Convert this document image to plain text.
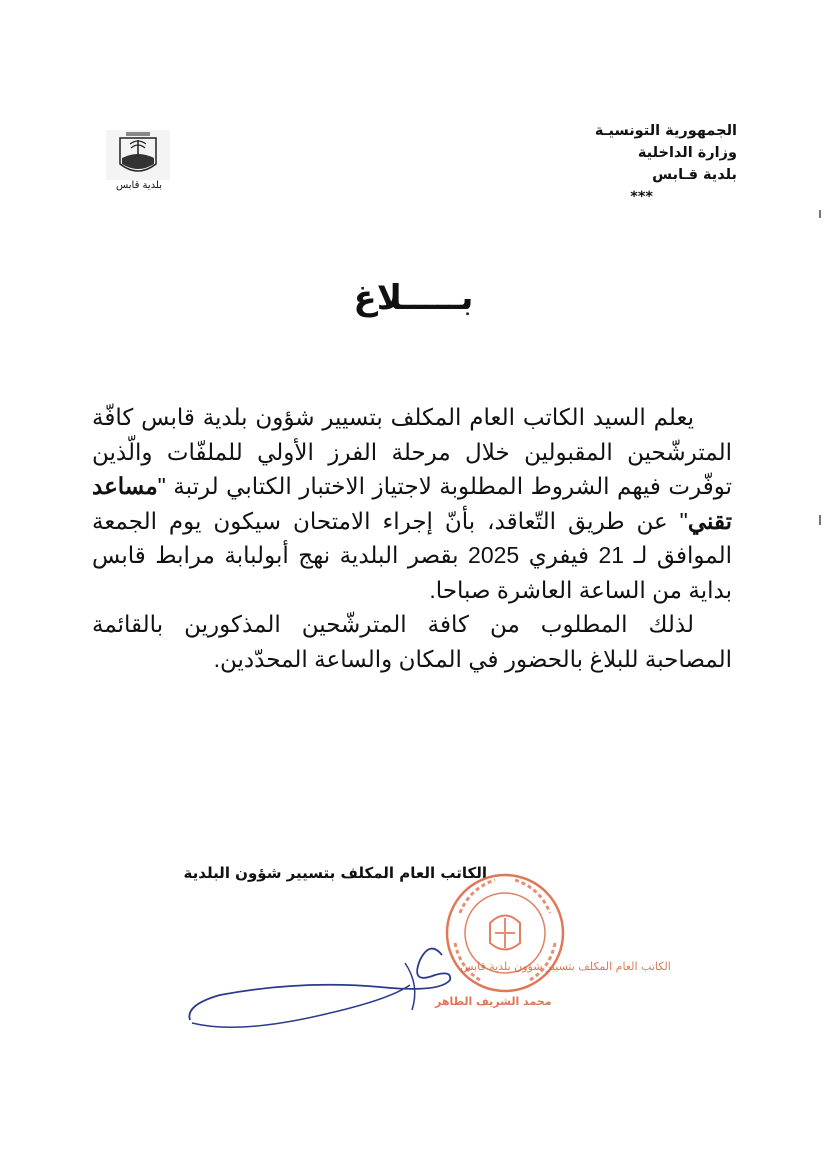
الجمهورية التونسيـة
وزارة الداخلية
بلدية قـابس
***
بلدية قابس
بـــــلاغ

يعلم السيد الكاتب العام المكلف بتسيير شؤون بلدية قابس كافّة المترشّحين المقبولين خلال مرحلة الفرز الأولي للملفّات والّذين توفّرت فيهم الشروط المطلوبة لاجتياز الاختبار الكتابي لرتبة "مساعد تقني" عن طريق التّعاقد، بأنّ إجراء الامتحان سيكون يوم الجمعة الموافق لـ 21 فيفري 2025 بقصر البلدية نهج أبولبابة مرابط قابس بداية من الساعة العاشرة صباحا.

لذلك المطلوب من كافة المترشّحين المذكورين بالقائمة المصاحبة للبلاغ بالحضور في المكان والساعة المحدّدين.

الكاتب العام المكلف بتسيير شؤون البلدية
الكاتب العام المكلف بتسيير شؤون بلدية قابس
محمد الشريف الطاهر
